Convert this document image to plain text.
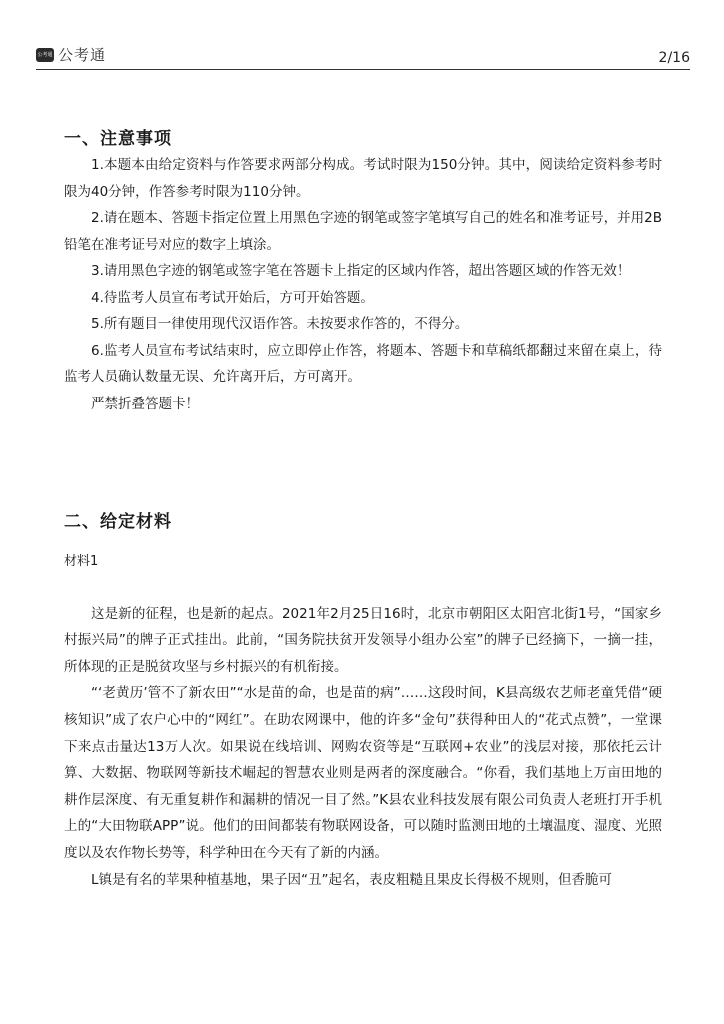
公考通 公考通	2/16
一、注意事项

1.本题本由给定资料与作答要求两部分构成。考试时限为150分钟。其中，阅读给定资料参考时限为40分钟，作答参考时限为110分钟。

2.请在题本、答题卡指定位置上用黑色字迹的钢笔或签字笔填写自己的姓名和准考证号，并用2B铅笔在准考证号对应的数字上填涂。

3.请用黑色字迹的钢笔或签字笔在答题卡上指定的区域内作答，超出答题区域的作答无效！

4.待监考人员宣布考试开始后，方可开始答题。

5.所有题目一律使用现代汉语作答。未按要求作答的，不得分。

6.监考人员宣布考试结束时，应立即停止作答，将题本、答题卡和草稿纸都翻过来留在桌上，待监考人员确认数量无误、允许离开后，方可离开。

严禁折叠答题卡！

二、给定材料

材料1

这是新的征程，也是新的起点。2021年2月25日16时，北京市朝阳区太阳宫北街1号，“国家乡村振兴局”的牌子正式挂出。此前，“国务院扶贫开发领导小组办公室”的牌子已经摘下，一摘一挂，所体现的正是脱贫攻坚与乡村振兴的有机衔接。

“‘老黄历’管不了新农田”“水是苗的命，也是苗的病”……这段时间，K县高级农艺师老童凭借“硬核知识”成了农户心中的“网红”。在助农网课中，他的许多“金句”获得种田人的“花式点赞”，一堂课下来点击量达13万人次。如果说在线培训、网购农资等是“互联网+农业”的浅层对接，那依托云计算、大数据、物联网等新技术崛起的智慧农业则是两者的深度融合。“你看，我们基地上万亩田地的耕作层深度、有无重复耕作和漏耕的情况一目了然。”K县农业科技发展有限公司负责人老班打开手机上的“大田物联APP”说。他们的田间都装有物联网设备，可以随时监测田地的土壤温度、湿度、光照度以及农作物长势等，科学种田在今天有了新的内涵。

L镇是有名的苹果种植基地，果子因“丑”起名，表皮粗糙且果皮长得极不规则，但香脆可
